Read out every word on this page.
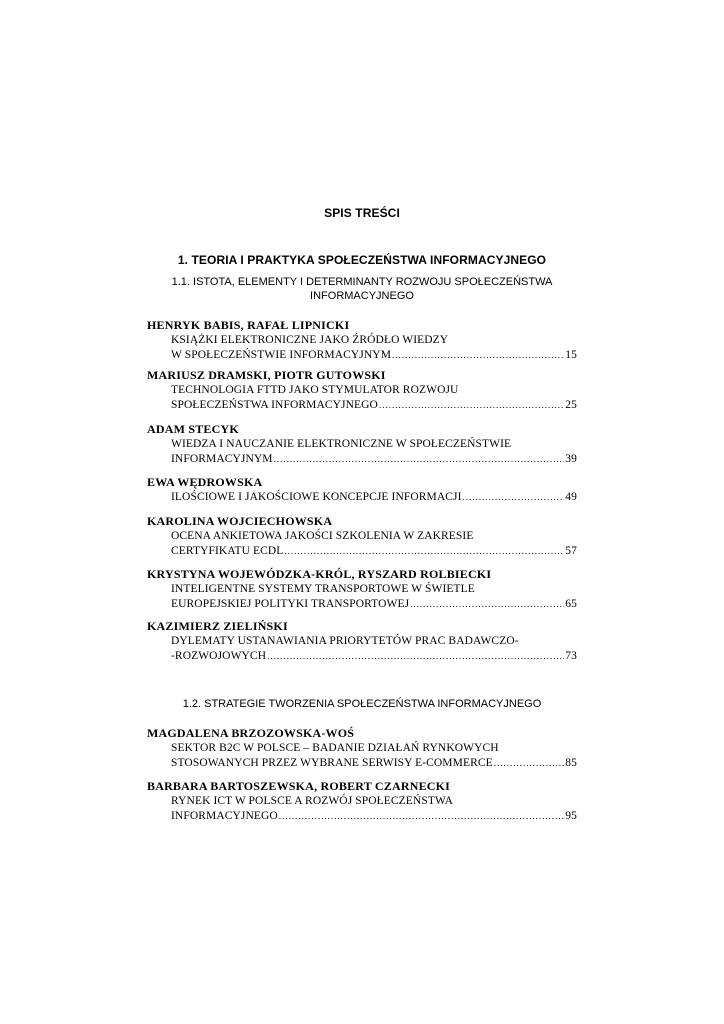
SPIS TREŚCI
1. TEORIA I PRAKTYKA SPOŁECZEŃSTWA INFORMACYJNEGO
1.1. ISTOTA, ELEMENTY I DETERMINANTY ROZWOJU SPOŁECZEŃSTWA
INFORMACYJNEGO
HENRYK BABIS, RAFAŁ LIPNICKI
KSIĄŻKI ELEKTRONICZNE JAKO ŹRÓDŁO WIEDZY
W SPOŁECZEŃSTWIE INFORMACYJNYM .....	15
MARIUSZ DRAMSKI, PIOTR GUTOWSKI
TECHNOLOGIA FTTD JAKO STYMULATOR ROZWOJU
SPOŁECZEŃSTWA INFORMACYJNEGO .....	25
ADAM STECYK
WIEDZA I NAUCZANIE ELEKTRONICZNE W SPOŁECZEŃSTWIE
INFORMACYJNYM .....	39
EWA WĘDROWSKA
ILOŚCIOWE I JAKOŚCIOWE KONCEPCJE INFORMACJI .....	49
KAROLINA WOJCIECHOWSKA
OCENA ANKIETOWA JAKOŚCI SZKOLENIA W ZAKRESIE
CERTYFIKATU ECDL .....	57
KRYSTYNA WOJEWÓDZKA-KRÓL, RYSZARD ROLBIECKI
INTELIGENTNE SYSTEMY TRANSPORTOWE W ŚWIETLE
EUROPEJSKIEJ POLITYKI TRANSPORTOWEJ .....	65
KAZIMIERZ ZIELIŃSKI
DYLEMATY USTANAWIANIA PRIORYTETÓW PRAC BADAWCZO-
-ROZWOJOWYCH .....	73
1.2. STRATEGIE TWORZENIA SPOŁECZEŃSTWA INFORMACYJNEGO
MAGDALENA BRZOZOWSKA-WOŚ
SEKTOR B2C W POLSCE – BADANIE DZIAŁAŃ RYNKOWYCH
STOSOWANYCH PRZEZ WYBRANE SERWISY E-COMMERCE .....	85
BARBARA BARTOSZEWSKA, ROBERT CZARNECKI
RYNEK ICT W POLSCE A ROZWÓJ SPOŁECZEŃSTWA
INFORMACYJNEGO .....	95
